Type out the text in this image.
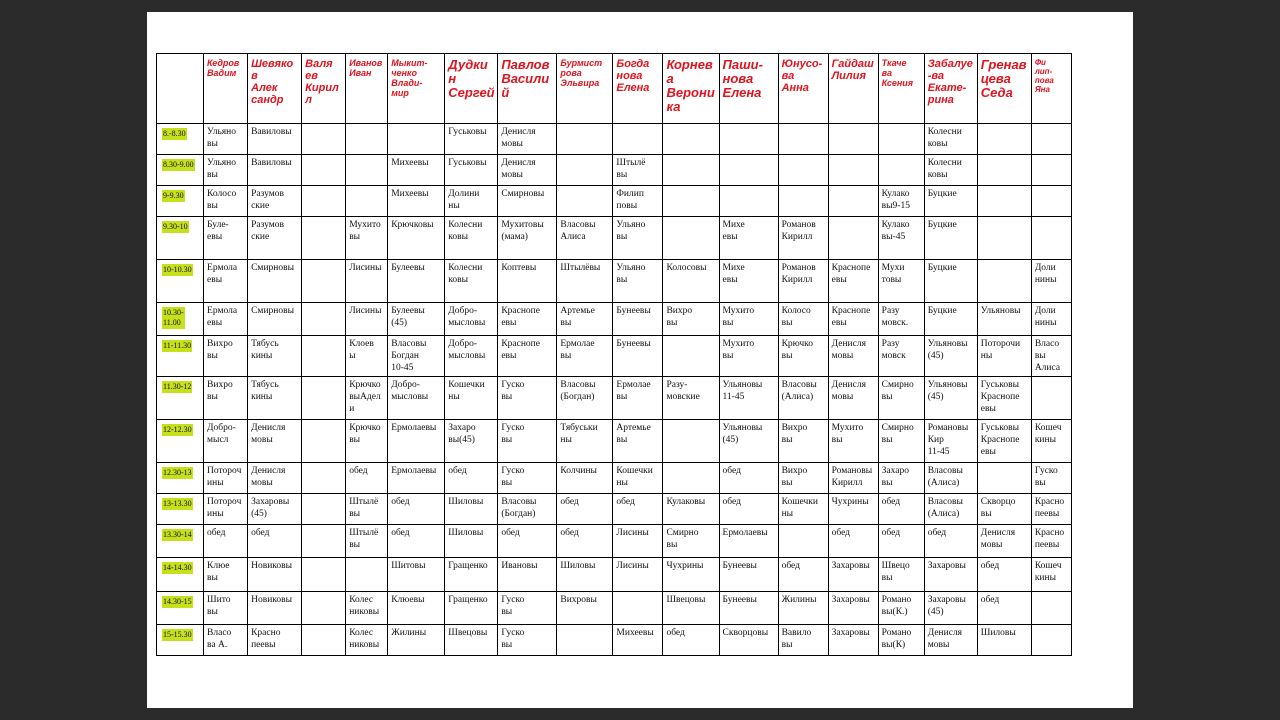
	Кедров
Вадим	Шевяков
Алек
сандр	Валя
ев
Кирилл	Иванов
Иван	Мыкит-
ченко
Влади-
мир	Дудкин
Сергей	Павлов
Василий	Бурмист
рова
Эльвира	Богда
нова
Елена	Корнева
Верони
ка	Паши-
нова
Елена	Юнусо-
ва
Анна	Гайдаш
Лилия	Ткаче
ва
Ксения	Забалуе
-ва
Екате-
рина	Гренав
цева
Седа	Фи
лип-
пова
Яна
8.-8.30	Ульяно
вы	Вавиловы				Гуськовы	Денисля
мовы								Колесни
ковы		
8.30-9.00	Ульяно
вы	Вавиловы			Михеевы	Гуськовы	Денисля
мовы		Штылё
вы						Колесни
ковы		
9-9.30	Колосо
вы	Разумов
ские			Михеевы	Долини
ны	Смирновы		Филип
повы					Кулако
вы9-15	Буцкие		
9.30-10	Буле-
евы	Разумов
ские		Мухито
вы	Крючковы	Колесни
ковы	Мухитовы
(мама)	Власовы
Алиса	Ульяно
вы		Михе
евы	Романов
Кирилл		Кулако
вы-45	Буцкие		
10-10.30	Ермола
евы	Смирновы		Лисины	Булеевы	Колесни
ковы	Коптевы	Штылёвы	Ульяно
вы	Колосовы	Михе
евы	Романов
Кирилл	Краснопе
евы	Мухи
товы	Буцкие		Доли
нины
10.30-
11.00	Ермола
евы	Смирновы		Лисины	Булеевы
(45)	Добро-
мысловы	Краснопе
евы	Артемье
вы	Бунеевы	Вихро
вы	Мухито
вы	Колосо
вы	Краснопе
евы	Разу
мовск.	Буцкие	Ульяновы	Доли
нины
11-11.30	Вихро
вы	Тябусь
кины		Клоев
ы	Власовы
Богдан
10-45	Добро-
мысловы	Краснопе
евы	Ермолае
вы	Бунеевы		Мухито
вы	Крючко
вы	Денисля
мовы	Разу
мовск	Ульяновы
(45)	Поторочи
ны	Власо
вы
Алиса
11.30-12	Вихро
вы	Тябусь
кины		Крючко
выАдел
и	Добро-
мысловы	Кошечки
ны	Гуско
вы	Власовы
(Богдан)	Ермолае
вы	Разу-
мовские	Ульяновы
11-45	Власовы
(Алиса)	Денисля
мовы	Смирно
вы	Ульяновы
(45)	Гуськовы
Краснопе
евы	
12-12.30	Добро-
мысл	Денисля
мовы		Крючко
вы	Ермолаевы	Захаро
вы(45)	Гуско
вы	Тябуськи
ны	Артемье
вы		Ульяновы
(45)	Вихро
вы	Мухито
вы	Смирно
вы	Романовы
Кир
11-45	Гуськовы
Краснопе
евы	Кошеч
кины
12.30-13	Потороч
ины	Денисля
мовы		обед	Ермолаевы	обед	Гуско
вы	Колчины	Кошечки
ны		обед	Вихро
вы	Романовы
Кирилл	Захаро
вы	Власовы
(Алиса)		Гуско
вы
13-13.30	Потороч
ины	Захаровы
(45)		Штылё
вы	обед	Шиловы	Власовы
(Богдан)	обед	обед	Кулаковы	обед	Кошечки
ны	Чухрины	обед	Власовы
(Алиса)	Скворцо
вы	Красно
пеевы
13.30-14	обед	обед		Штылё
вы	обед	Шиловы	обед	обед	Лисины	Смирно
вы	Ермолаевы		обед	обед	обед	Денисля
мовы	Красно
пеевы
14-14.30	Клюе
вы	Новиковы			Шитовы	Гращенко	Ивановы	Шиловы	Лисины	Чухрины	Бунеевы	обед	Захаровы	Швецо
вы	Захаровы	обед	Кошеч
кины
14.30-15	Шито
вы	Новиковы		Колес
никовы	Клюевы	Гращенко	Гуско
вы	Вихровы		Швецовы	Бунеевы	Жилины	Захаровы	Романо
вы(К.)	Захаровы
(45)	обед	
15-15.30	Власо
ва А.	Красно
пеевы		Колес
никовы	Жилины	Швецовы	Гуско
вы		Михеевы	обед	Скворцовы	Вавило
вы	Захаровы	Романо
вы(К)	Денисля
мовы	Шиловы	
